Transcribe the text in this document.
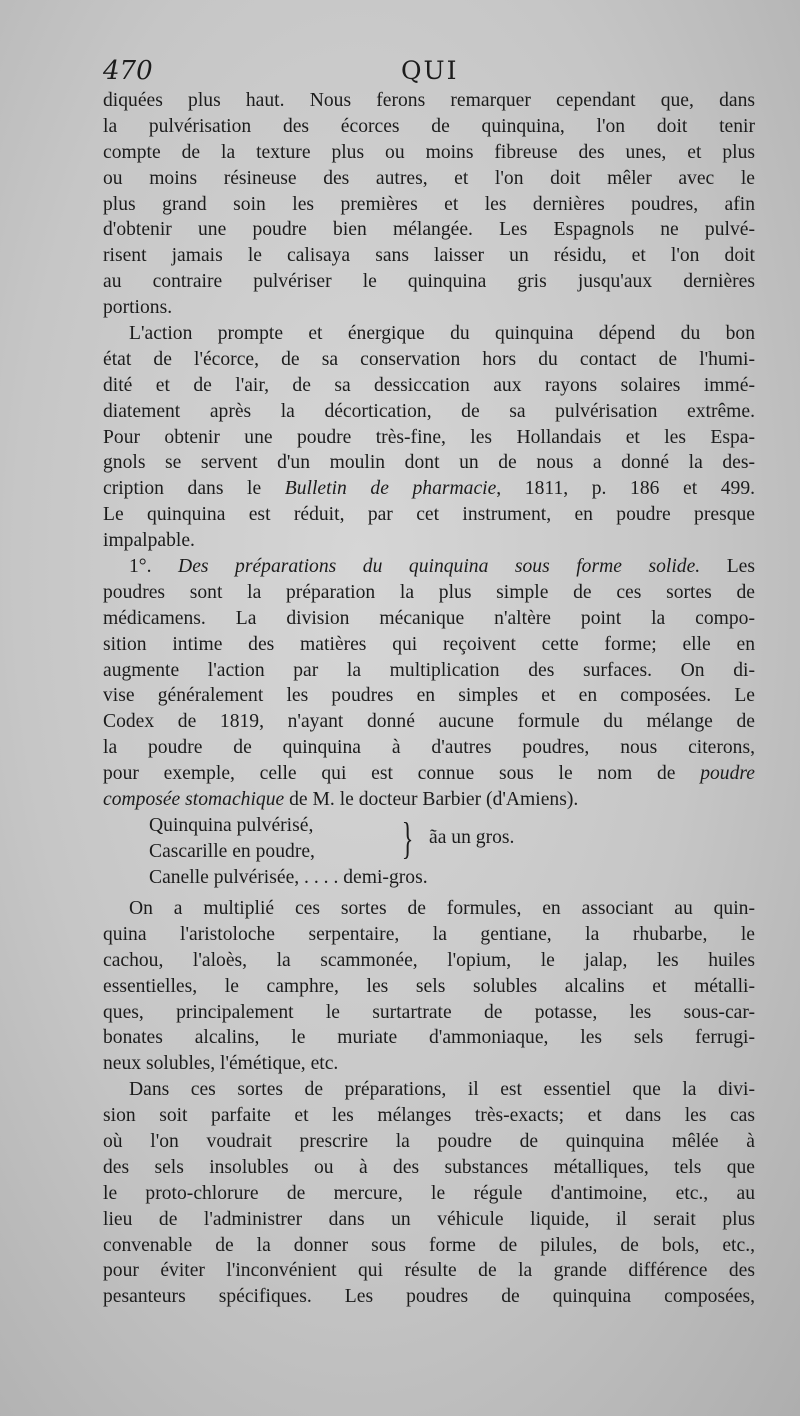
470	QUI
diquées plus haut. Nous ferons remarquer cependant que, dans
la pulvérisation des écorces de quinquina, l'on doit tenir
compte de la texture plus ou moins fibreuse des unes, et plus
ou moins résineuse des autres, et l'on doit mêler avec le
plus grand soin les premières et les dernières poudres, afin
d'obtenir une poudre bien mélangée. Les Espagnols ne pulvé-
risent jamais le calisaya sans laisser un résidu, et l'on doit
au contraire pulvériser le quinquina gris jusqu'aux dernières
portions.
L'action prompte et énergique du quinquina dépend du bon
état de l'écorce, de sa conservation hors du contact de l'humi-
dité et de l'air, de sa dessiccation aux rayons solaires immé-
diatement après la décortication, de sa pulvérisation extrême.
Pour obtenir une poudre très-fine, les Hollandais et les Espa-
gnols se servent d'un moulin dont un de nous a donné la des-
cription dans le Bulletin de pharmacie, 1811, p. 186 et 499.
Le quinquina est réduit, par cet instrument, en poudre presque
impalpable.
1°. Des préparations du quinquina sous forme solide. Les
poudres sont la préparation la plus simple de ces sortes de
médicamens. La division mécanique n'altère point la compo-
sition intime des matières qui reçoivent cette forme; elle en
augmente l'action par la multiplication des surfaces. On di-
vise généralement les poudres en simples et en composées. Le
Codex de 1819, n'ayant donné aucune formule du mélange de
la poudre de quinquina à d'autres poudres, nous citerons,
pour exemple, celle qui est connue sous le nom de poudre
composée stomachique de M. le docteur Barbier (d'Amiens).
Quinquina pulvérisé,
Cascarille en poudre, } ãa un gros.
Canelle pulvérisée, . . . . demi-gros.
On a multiplié ces sortes de formules, en associant au quin-
quina l'aristoloche serpentaire, la gentiane, la rhubarbe, le
cachou, l'aloès, la scammonée, l'opium, le jalap, les huiles
essentielles, le camphre, les sels solubles alcalins et métalli-
ques, principalement le surtartrate de potasse, les sous-car-
bonates alcalins, le muriate d'ammoniaque, les sels ferrugi-
neux solubles, l'émétique, etc.
Dans ces sortes de préparations, il est essentiel que la divi-
sion soit parfaite et les mélanges très-exacts; et dans les cas
où l'on voudrait prescrire la poudre de quinquina mêlée à
des sels insolubles ou à des substances métalliques, tels que
le proto-chlorure de mercure, le régule d'antimoine, etc., au
lieu de l'administrer dans un véhicule liquide, il serait plus
convenable de la donner sous forme de pilules, de bols, etc.,
pour éviter l'inconvénient qui résulte de la grande différence des
pesanteurs spécifiques. Les poudres de quinquina composées,
